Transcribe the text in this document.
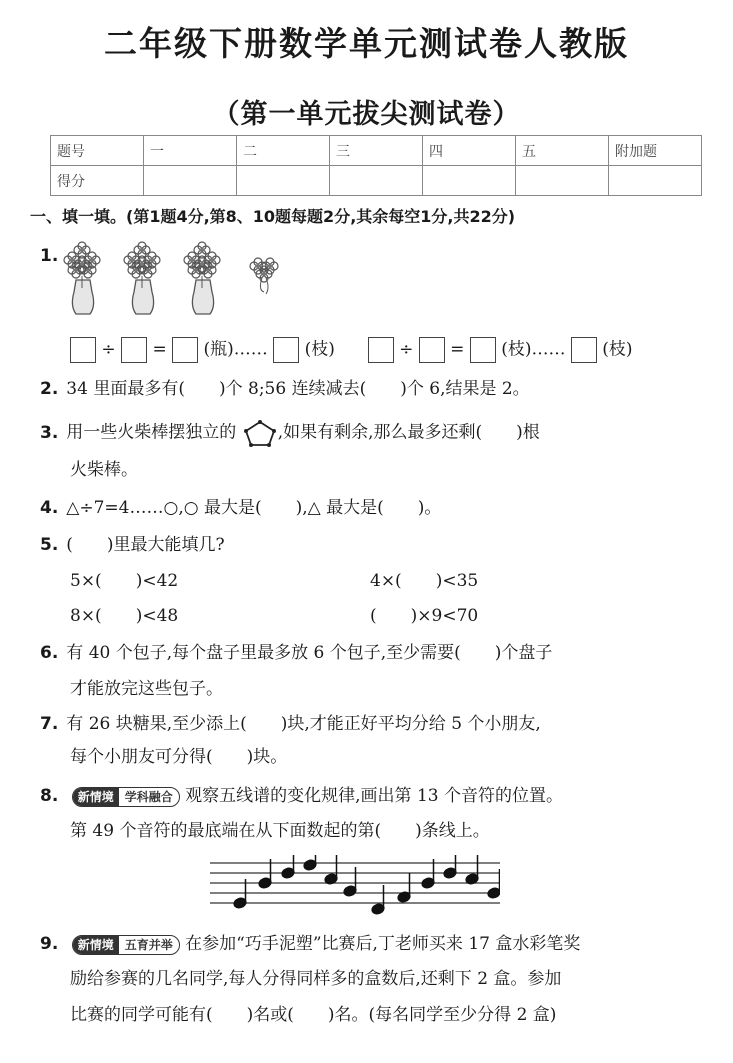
二年级下册数学单元测试卷人教版
（第一单元拔尖测试卷）
题号	一	二	三	四	五	附加题
得分						
一、填一填。(第1题4分,第8、10题每题2分,其余每空1分,共22分)
1.
÷ = (瓶)…… (枝)	÷ = (枝)…… (枝)
2. 34 里面最多有(　　)个 8;56 连续减去(　　)个 6,结果是 2。
3. 用一些火柴棒摆独立的 ,如果有剩余,那么最多还剩(　　)根
火柴棒。
4. △÷7=4……○,○ 最大是(　　),△ 最大是(　　)。
5. (　　)里最大能填几?
5×(　　)<42	4×(　　)<35
8×(　　)<48	(　　)×9<70
6. 有 40 个包子,每个盘子里最多放 6 个包子,至少需要(　　)个盘子
才能放完这些包子。
7. 有 26 块糖果,至少添上(　　)块,才能正好平均分给 5 个小朋友,
每个小朋友可分得(　　)块。
8. 新情境 学科融合 观察五线谱的变化规律,画出第 13 个音符的位置。
第 49 个音符的最底端在从下面数起的第(　　)条线上。
9. 新情境 五育并举 在参加“巧手泥塑”比赛后,丁老师买来 17 盒水彩笔奖
励给参赛的几名同学,每人分得同样多的盒数后,还剩下 2 盒。参加
比赛的同学可能有(　　)名或(　　)名。(每名同学至少分得 2 盒)
